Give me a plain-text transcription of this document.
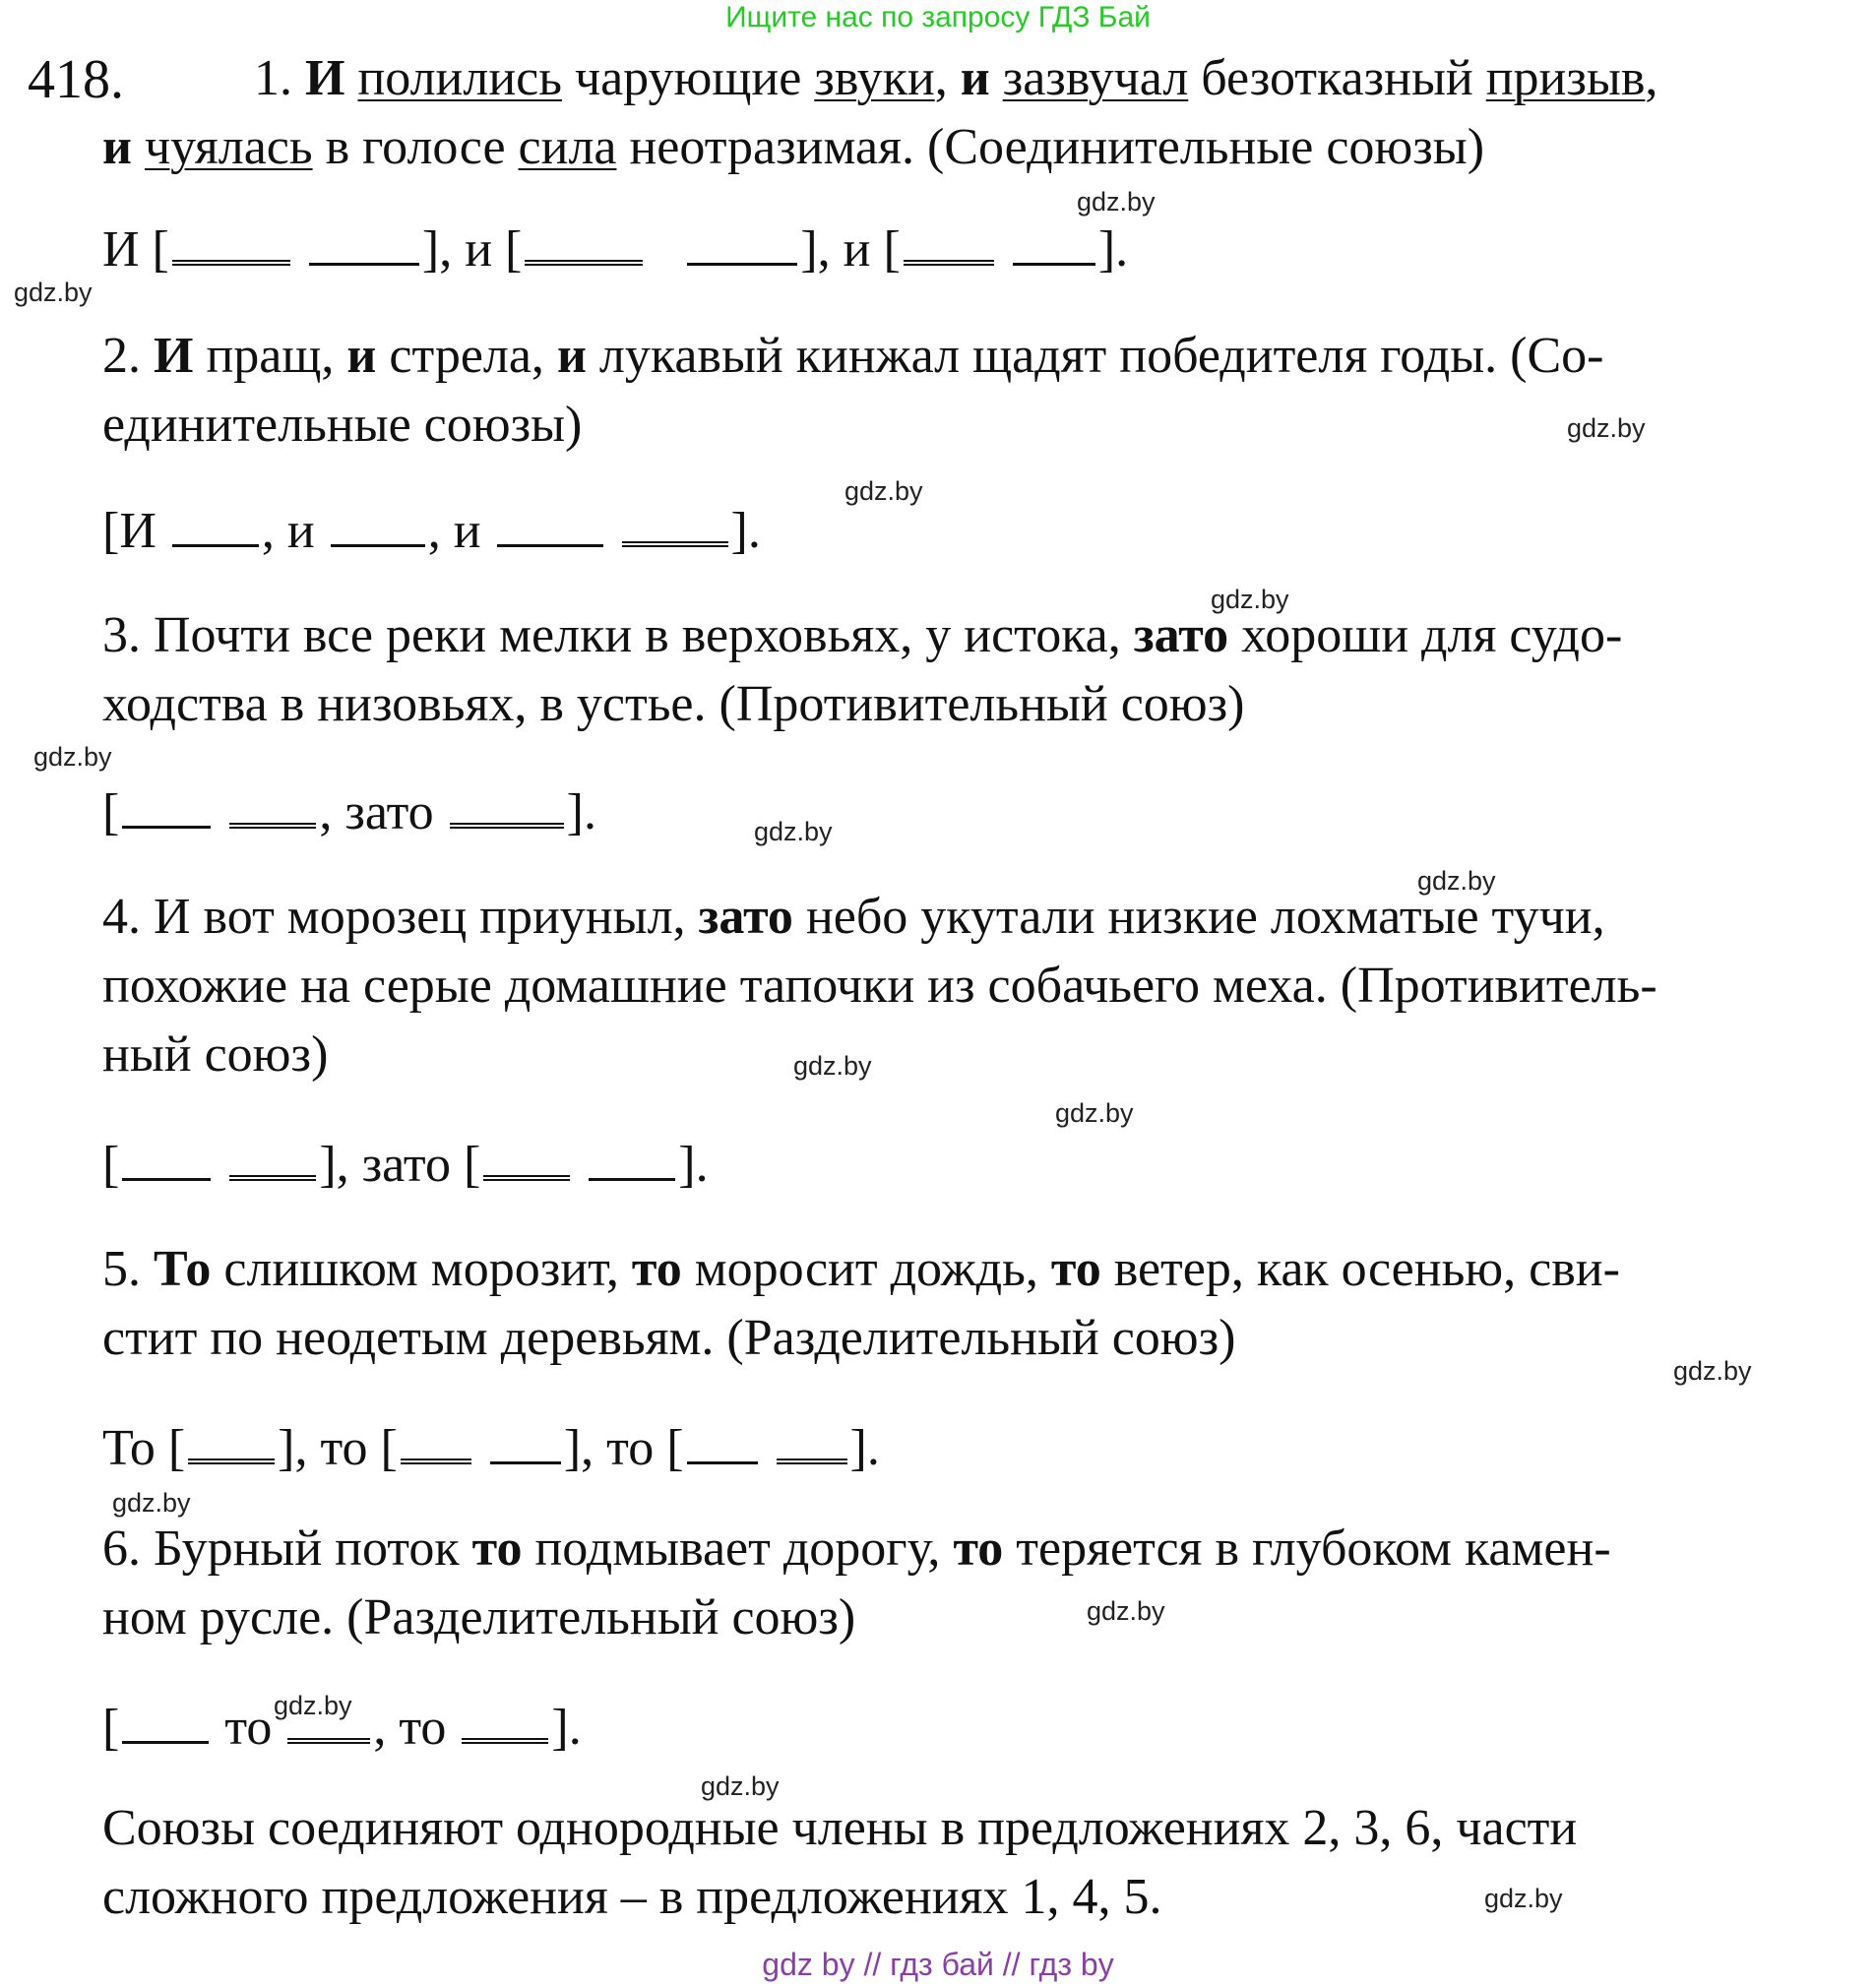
Ищите нас по запросу ГДЗ Бай
418.	1. И полились чарующие звуки, и зазвучал безотказный призыв,
и чуялась в голосе сила неотразимая. (Соединительные союзы)
И [	], и [	], и [	].
2. И пращ, и стрела, и лукавый кинжал щадят победителя годы. (Со-
единительные союзы)
[И , и , и	].
3. Почти все реки мелки в верховьях, у истока, зато хороши для судо-
ходства в низовьях, в устье. (Противительный союз)
[	, зато	].
4. И вот морозец приуныл, зато небо укутали низкие лохматые тучи,
похожие на серые домашние тапочки из собачьего меха. (Противитель-
ный союз)
[	], зато [	].
5. То слишком морозит, то моросит дождь, то ветер, как осенью, сви-
стит по неодетым деревьям. (Разделительный союз)
То [ ], то [	], то [	].
6. Бурный поток то подмывает дорогу, то теряется в глубоком камен-
ном русле. (Разделительный союз)
[ то , то ].
Союзы соединяют однородные члены в предложениях 2, 3, 6, части
сложного предложения – в предложениях 1, 4, 5.
gdz.by
gdz.by
gdz.by
gdz.by
gdz.by
gdz.by
gdz.by
gdz.by
gdz.by
gdz.by
gdz.by
gdz.by
gdz.by
gdz.by
gdz.by
gdz.by
gdz by // гдз бай // гдз by
